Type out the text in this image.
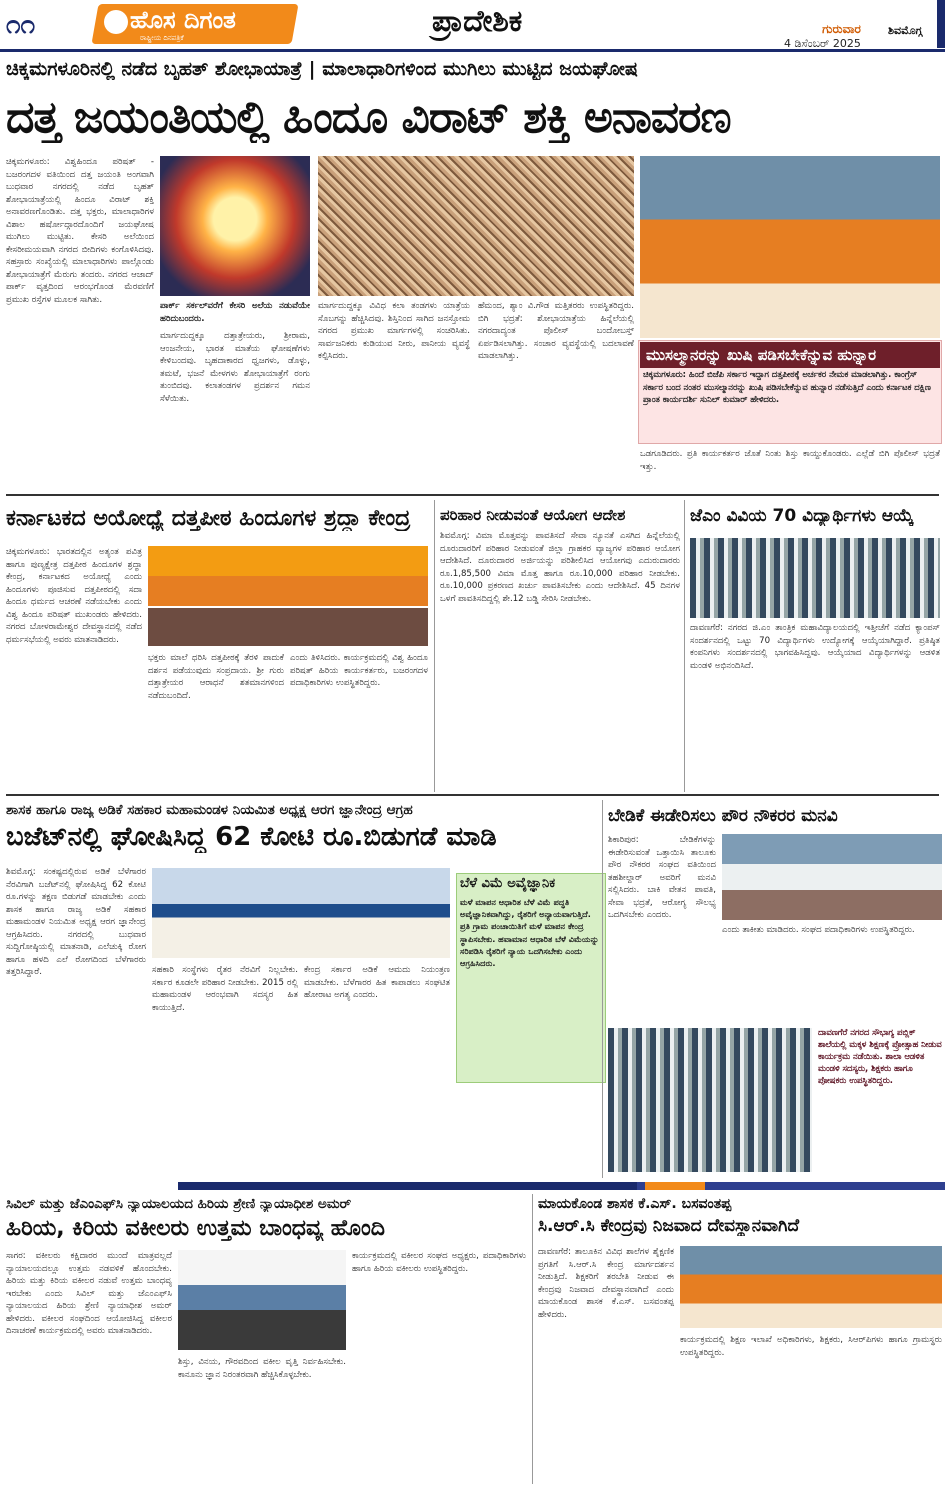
೧೧	ಹೊಸ ದಿಗಂತ
ರಾಷ್ಟ್ರೀಯ ದಿನಪತ್ರಿಕೆ	ಪ್ರಾದೇಶಿಕ	ಗುರುವಾರ
4 ಡಿಸೆಂಬರ್ 2025
ಶಿವಮೊಗ್ಗ
ಚಿಕ್ಕಮಗಳೂರಿನಲ್ಲಿ ನಡೆದ ಬೃಹತ್ ಶೋಭಾಯಾತ್ರೆ | ಮಾಲಾಧಾರಿಗಳಿಂದ ಮುಗಿಲು ಮುಟ್ಟಿದ ಜಯಘೋಷ
ದತ್ತ ಜಯಂತಿಯಲ್ಲಿ ಹಿಂದೂ ವಿರಾಟ್ ಶಕ್ತಿ ಅನಾವರಣ
ಚಿಕ್ಕಮಗಳೂರು: ವಿಶ್ವಹಿಂದೂ ಪರಿಷತ್ - ಬಜರಂಗದಳ ವತಿಯಿಂದ ದತ್ತ ಜಯಂತಿ ಅಂಗವಾಗಿ ಬುಧವಾರ ನಗರದಲ್ಲಿ ನಡೆದ ಬೃಹತ್ ಶೋಭಾಯಾತ್ರೆಯಲ್ಲಿ ಹಿಂದೂ ವಿರಾಟ್ ಶಕ್ತಿ ಅನಾವರಣಗೊಂಡಿತು. ದತ್ತ ಭಕ್ತರು, ಮಾಲಾಧಾರಿಗಳ ವಿಶಾಲ ಹರ್ಷೋದ್ಗಾರದೊಂದಿಗೆ ಜಯಘೋಷ ಮುಗಿಲು ಮುಟ್ಟಿತು. ಕೇಸರಿ ಅಲೆಯಿಂದ ಕೇಸರೀಮಯವಾಗಿ ನಗರದ ಬೀದಿಗಳು ಕಂಗೊಳಿಸಿದವು. ಸಹಸ್ರಾರು ಸಂಖ್ಯೆಯಲ್ಲಿ ಮಾಲಾಧಾರಿಗಳು ಪಾಲ್ಗೊಂಡು ಶೋಭಾಯಾತ್ರೆಗೆ ಮೆರುಗು ತಂದರು. ನಗರದ ಆಜಾದ್ ಪಾರ್ಕ್ ವೃತ್ತದಿಂದ ಆರಂಭಗೊಂಡ ಮೆರವಣಿಗೆ ಪ್ರಮುಖ ರಸ್ತೆಗಳ ಮೂಲಕ ಸಾಗಿತು.
ಪಾರ್ಕ್ ಸರ್ಕಲ್‌ವರೆಗೆ ಕೇಸರಿ ಅಲೆಯ ನಡುವೆಯೇ ಹರಿದುಬಂದರು.
ಮಾರ್ಗದುದ್ದಕ್ಕೂ ದತ್ತಾತ್ರೇಯರು, ಶ್ರೀರಾಮ, ಆಂಜನೇಯ, ಭಾರತ ಮಾತೆಯ ಘೋಷಣೆಗಳು ಕೇಳಿಬಂದವು. ಬೃಹದಾಕಾರದ ಧ್ವಜಗಳು, ಡೊಳ್ಳು, ತಮಟೆ, ಭಜನೆ ಮೇಳಗಳು ಶೋಭಾಯಾತ್ರೆಗೆ ರಂಗು ತುಂಬಿದವು. ಕಲಾತಂಡಗಳ ಪ್ರದರ್ಶನ ಗಮನ ಸೆಳೆಯಿತು.
ಮಾರ್ಗದುದ್ದಕ್ಕೂ ವಿವಿಧ ಕಲಾ ತಂಡಗಳು ಯಾತ್ರೆಯ ಸೊಬಗನ್ನು ಹೆಚ್ಚಿಸಿದವು. ಶಿಸ್ತಿನಿಂದ ಸಾಗಿದ ಜನಸ್ತೋಮ ನಗರದ ಪ್ರಮುಖ ಮಾರ್ಗಗಳಲ್ಲಿ ಸಂಚರಿಸಿತು. ಸಾರ್ವಜನಿಕರು ಕುಡಿಯುವ ನೀರು, ಪಾನೀಯ ವ್ಯವಸ್ಥೆ ಕಲ್ಪಿಸಿದರು.
ಹೆಮಂದ, ಶ್ಯಾಂ ವಿ.ಗೌಡ ಮತ್ತಿತರರು ಉಪಸ್ಥಿತರಿದ್ದರು. ಬಿಗಿ ಭದ್ರತೆ: ಶೋಭಾಯಾತ್ರೆಯ ಹಿನ್ನೆಲೆಯಲ್ಲಿ ನಗರದಾದ್ಯಂತ ಪೊಲೀಸ್ ಬಂದೋಬಸ್ತ್ ಏರ್ಪಡಿಸಲಾಗಿತ್ತು. ಸಂಚಾರ ವ್ಯವಸ್ಥೆಯಲ್ಲಿ ಬದಲಾವಣೆ ಮಾಡಲಾಗಿತ್ತು.	ಮುಸಲ್ಮಾನರನ್ನು ಖುಷಿ ಪಡಿಸಬೇಕೆನ್ನುವ ಹುನ್ನಾರ
ಚಿಕ್ಕಮಗಳೂರು: ಹಿಂದೆ ಬಿಜೆಪಿ ಸರ್ಕಾರ ಇದ್ದಾಗ ದತ್ತಪೀಠಕ್ಕೆ ಅರ್ಚಕರ ನೇಮಕ ಮಾಡಲಾಗಿತ್ತು. ಕಾಂಗ್ರೆಸ್ ಸರ್ಕಾರ ಬಂದ ನಂತರ ಮುಸಲ್ಮಾನರನ್ನು ಖುಷಿ ಪಡಿಸಬೇಕೆನ್ನುವ ಹುನ್ನಾರ ನಡೆಸುತ್ತಿದೆ ಎಂದು ಕರ್ನಾಟಕ ದಕ್ಷಿಣ ಪ್ರಾಂತ ಕಾರ್ಯದರ್ಶಿ ಸುನಿಲ್ ಕುಮಾರ್ ಹೇಳಿದರು.
ಒಡಗೂಡಿದರು. ಪ್ರತಿ ಕಾರ್ಯಕರ್ತರ ಜೊತೆ ನಿಂತು ಶಿಸ್ತು ಕಾಯ್ದುಕೊಂಡರು. ಎಲ್ಲೆಡೆ ಬಿಗಿ ಪೊಲೀಸ್ ಭದ್ರತೆ ಇತ್ತು.
ಕರ್ನಾಟಕದ ಅಯೋಧ್ಯೆ ದತ್ತಪೀಠ ಹಿಂದೂಗಳ ಶ್ರದ್ಧಾ ಕೇಂದ್ರ
ಚಿಕ್ಕಮಗಳೂರು: ಭಾರತದಲ್ಲಿನ ಅತ್ಯಂತ ಪವಿತ್ರ ಹಾಗೂ ಪುಣ್ಯಕ್ಷೇತ್ರ ದತ್ತಪೀಠ ಹಿಂದೂಗಳ ಶ್ರದ್ಧಾ ಕೇಂದ್ರ, ಕರ್ನಾಟಕದ ಅಯೋಧ್ಯೆ ಎಂದು ಹಿಂದೂಗಳು ಪೂಜಿಸುವ ದತ್ತಪೀಠದಲ್ಲಿ ಸದಾ ಹಿಂದೂ ಧರ್ಮದ ಆಚರಣೆ ನಡೆಯಬೇಕು ಎಂದು ವಿಶ್ವ ಹಿಂದೂ ಪರಿಷತ್ ಮುಖಂಡರು ಹೇಳಿದರು. ನಗರದ ಬೋಳರಾಮೇಶ್ವರ ದೇವಸ್ಥಾನದಲ್ಲಿ ನಡೆದ ಧರ್ಮಸಭೆಯಲ್ಲಿ ಅವರು ಮಾತನಾಡಿದರು.
ಭಕ್ತರು ಮಾಲೆ ಧರಿಸಿ ದತ್ತಪೀಠಕ್ಕೆ ತೆರಳಿ ಪಾದುಕೆ ದರ್ಶನ ಪಡೆಯುವುದು ಸಂಪ್ರದಾಯ. ಶ್ರೀ ಗುರು ದತ್ತಾತ್ರೇಯರ ಆರಾಧನೆ ಶತಮಾನಗಳಿಂದ ನಡೆದುಬಂದಿದೆ.
ಎಂದು ತಿಳಿಸಿದರು. ಕಾರ್ಯಕ್ರಮದಲ್ಲಿ ವಿಶ್ವ ಹಿಂದೂ ಪರಿಷತ್ ಹಿರಿಯ ಕಾರ್ಯಕರ್ತರು, ಬಜರಂಗದಳ ಪದಾಧಿಕಾರಿಗಳು ಉಪಸ್ಥಿತರಿದ್ದರು.
ಪರಿಹಾರ ನೀಡುವಂತೆ ಆಯೋಗ ಆದೇಶ
ಶಿವಮೊಗ್ಗ: ವಿಮಾ ಮೊತ್ತವನ್ನು ಪಾವತಿಸದೆ ಸೇವಾ ನ್ಯೂನತೆ ಎಸಗಿದ ಹಿನ್ನೆಲೆಯಲ್ಲಿ ದೂರುದಾರರಿಗೆ ಪರಿಹಾರ ನೀಡುವಂತೆ ಜಿಲ್ಲಾ ಗ್ರಾಹಕರ ವ್ಯಾಜ್ಯಗಳ ಪರಿಹಾರ ಆಯೋಗ ಆದೇಶಿಸಿದೆ. ದೂರುದಾರರ ಅರ್ಜಿಯನ್ನು ಪರಿಶೀಲಿಸಿದ ಆಯೋಗವು ಎದುರುದಾರರು ರೂ.1,85,500 ವಿಮಾ ಮೊತ್ತ ಹಾಗೂ ರೂ.10,000 ಪರಿಹಾರ ನೀಡಬೇಕು. ರೂ.10,000 ಪ್ರಕರಣದ ಖರ್ಚು ಪಾವತಿಸಬೇಕು ಎಂದು ಆದೇಶಿಸಿದೆ. 45 ದಿನಗಳ ಒಳಗೆ ಪಾವತಿಸದಿದ್ದಲ್ಲಿ ಶೇ.12 ಬಡ್ಡಿ ಸೇರಿಸಿ ನೀಡಬೇಕು.
ಜೆಎಂ ವಿವಿಯ 70 ವಿದ್ಯಾರ್ಥಿಗಳು ಆಯ್ಕೆ
ದಾವಣಗೆರೆ: ನಗರದ ಜಿ.ಎಂ ತಾಂತ್ರಿಕ ಮಹಾವಿದ್ಯಾಲಯದಲ್ಲಿ ಇತ್ತೀಚೆಗೆ ನಡೆದ ಕ್ಯಾಂಪಸ್ ಸಂದರ್ಶನದಲ್ಲಿ ಒಟ್ಟು 70 ವಿದ್ಯಾರ್ಥಿಗಳು ಉದ್ಯೋಗಕ್ಕೆ ಆಯ್ಕೆಯಾಗಿದ್ದಾರೆ. ಪ್ರತಿಷ್ಠಿತ ಕಂಪನಿಗಳು ಸಂದರ್ಶನದಲ್ಲಿ ಭಾಗವಹಿಸಿದ್ದವು. ಆಯ್ಕೆಯಾದ ವಿದ್ಯಾರ್ಥಿಗಳನ್ನು ಆಡಳಿತ ಮಂಡಳಿ ಅಭಿನಂದಿಸಿದೆ.
ಶಾಸಕ ಹಾಗೂ ರಾಜ್ಯ ಅಡಿಕೆ ಸಹಕಾರ ಮಹಾಮಂಡಳ ನಿಯಮಿತ ಅಧ್ಯಕ್ಷ ಆರಗ ಜ್ಞಾನೇಂದ್ರ ಆಗ್ರಹ
ಬಜೆಟ್‌ನಲ್ಲಿ ಘೋಷಿಸಿದ್ದ 62 ಕೋಟಿ ರೂ.ಬಿಡುಗಡೆ ಮಾಡಿ
ಶಿವಮೊಗ್ಗ: ಸಂಕಷ್ಟದಲ್ಲಿರುವ ಅಡಿಕೆ ಬೆಳೆಗಾರರ ನೆರವಿಗಾಗಿ ಬಜೆಟ್‌ನಲ್ಲಿ ಘೋಷಿಸಿದ್ದ 62 ಕೋಟಿ ರೂ.ಗಳನ್ನು ತಕ್ಷಣ ಬಿಡುಗಡೆ ಮಾಡಬೇಕು ಎಂದು ಶಾಸಕ ಹಾಗೂ ರಾಜ್ಯ ಅಡಿಕೆ ಸಹಕಾರ ಮಹಾಮಂಡಳ ನಿಯಮಿತ ಅಧ್ಯಕ್ಷ ಆರಗ ಜ್ಞಾನೇಂದ್ರ ಆಗ್ರಹಿಸಿದರು. ನಗರದಲ್ಲಿ ಬುಧವಾರ ಸುದ್ದಿಗೋಷ್ಠಿಯಲ್ಲಿ ಮಾತನಾಡಿ, ಎಲೆಚುಕ್ಕಿ ರೋಗ ಹಾಗೂ ಹಳದಿ ಎಲೆ ರೋಗದಿಂದ ಬೆಳೆಗಾರರು ತತ್ತರಿಸಿದ್ದಾರೆ.	ಸಹಕಾರಿ ಸಂಸ್ಥೆಗಳು ರೈತರ ನೆರವಿಗೆ ನಿಲ್ಲಬೇಕು. ಸರ್ಕಾರ ಕೂಡಲೇ ಪರಿಹಾರ ನೀಡಬೇಕು. 2015 ರಲ್ಲಿ ಮಹಾಮಂಡಳ ಆರಂಭವಾಗಿ ಸದಸ್ಯರ ಹಿತ ಕಾಯುತ್ತಿದೆ.
ಕೇಂದ್ರ ಸರ್ಕಾರ ಅಡಿಕೆ ಆಮದು ನಿಯಂತ್ರಣ ಮಾಡಬೇಕು. ಬೆಳೆಗಾರರ ಹಿತ ಕಾಪಾಡಲು ಸಂಘಟಿತ ಹೋರಾಟ ಅಗತ್ಯ ಎಂದರು.
ಬೆಳೆ ವಿಮೆ ಅವೈಜ್ಞಾನಿಕ
ಮಳೆ ಮಾಪನ ಆಧಾರಿತ ಬೆಳೆ ವಿಮೆ ಪದ್ಧತಿ ಅವೈಜ್ಞಾನಿಕವಾಗಿದ್ದು, ರೈತರಿಗೆ ಅನ್ಯಾಯವಾಗುತ್ತಿದೆ. ಪ್ರತಿ ಗ್ರಾಮ ಪಂಚಾಯಿತಿಗೆ ಮಳೆ ಮಾಪನ ಕೇಂದ್ರ ಸ್ಥಾಪಿಸಬೇಕು. ಹವಾಮಾನ ಆಧಾರಿತ ಬೆಳೆ ವಿಮೆಯನ್ನು ಸರಿಪಡಿಸಿ ರೈತರಿಗೆ ನ್ಯಾಯ ಒದಗಿಸಬೇಕು ಎಂದು ಆಗ್ರಹಿಸಿದರು.
ಬೇಡಿಕೆ ಈಡೇರಿಸಲು ಪೌರ ನೌಕರರ ಮನವಿ
ಶಿಕಾರಿಪುರ: ಬೇಡಿಕೆಗಳನ್ನು ಈಡೇರಿಸುವಂತೆ ಒತ್ತಾಯಿಸಿ ತಾಲೂಕು ಪೌರ ನೌಕರರ ಸಂಘದ ವತಿಯಿಂದ ತಹಶೀಲ್ದಾರ್ ಅವರಿಗೆ ಮನವಿ ಸಲ್ಲಿಸಿದರು. ಬಾಕಿ ವೇತನ ಪಾವತಿ, ಸೇವಾ ಭದ್ರತೆ, ಆರೋಗ್ಯ ಸೌಲಭ್ಯ ಒದಗಿಸಬೇಕು ಎಂದರು.
ಎಂದು ತಾಕೀತು ಮಾಡಿದರು. ಸಂಘದ ಪದಾಧಿಕಾರಿಗಳು ಉಪಸ್ಥಿತರಿದ್ದರು.
ದಾವಣಗೆರೆ ನಗರದ ಸೌಭಾಗ್ಯ ಪಬ್ಲಿಕ್ ಶಾಲೆಯಲ್ಲಿ ಮಕ್ಕಳ ಶಿಕ್ಷಣಕ್ಕೆ ಪ್ರೋತ್ಸಾಹ ನೀಡುವ ಕಾರ್ಯಕ್ರಮ ನಡೆಯಿತು. ಶಾಲಾ ಆಡಳಿತ ಮಂಡಳಿ ಸದಸ್ಯರು, ಶಿಕ್ಷಕರು ಹಾಗೂ ಪೋಷಕರು ಉಪಸ್ಥಿತರಿದ್ದರು.
ಸಿವಿಲ್ ಮತ್ತು ಜೆಎಂಎಫ್‌ಸಿ ನ್ಯಾಯಾಲಯದ ಹಿರಿಯ ಶ್ರೇಣಿ ನ್ಯಾಯಾಧೀಶ ಅಮರ್
ಹಿರಿಯ, ಕಿರಿಯ ವಕೀಲರು ಉತ್ತಮ ಬಾಂಧವ್ಯ ಹೊಂದಿ
ಸಾಗರ: ವಕೀಲರು ಕಕ್ಷಿದಾರರ ಮುಂದೆ ಮಾತ್ರವಲ್ಲದೆ ನ್ಯಾಯಾಲಯದಲ್ಲೂ ಉತ್ತಮ ನಡವಳಿಕೆ ಹೊಂದಬೇಕು. ಹಿರಿಯ ಮತ್ತು ಕಿರಿಯ ವಕೀಲರ ನಡುವೆ ಉತ್ತಮ ಬಾಂಧವ್ಯ ಇರಬೇಕು ಎಂದು ಸಿವಿಲ್ ಮತ್ತು ಜೆಎಂಎಫ್‌ಸಿ ನ್ಯಾಯಾಲಯದ ಹಿರಿಯ ಶ್ರೇಣಿ ನ್ಯಾಯಾಧೀಶ ಅಮರ್ ಹೇಳಿದರು. ವಕೀಲರ ಸಂಘದಿಂದ ಆಯೋಜಿಸಿದ್ದ ವಕೀಲರ ದಿನಾಚರಣೆ ಕಾರ್ಯಕ್ರಮದಲ್ಲಿ ಅವರು ಮಾತನಾಡಿದರು.
ಶಿಸ್ತು, ವಿನಯ, ಗೌರವದಿಂದ ವಕೀಲ ವೃತ್ತಿ ನಿರ್ವಹಿಸಬೇಕು. ಕಾನೂನು ಜ್ಞಾನ ನಿರಂತರವಾಗಿ ಹೆಚ್ಚಿಸಿಕೊಳ್ಳಬೇಕು.
ಕಾರ್ಯಕ್ರಮದಲ್ಲಿ ವಕೀಲರ ಸಂಘದ ಅಧ್ಯಕ್ಷರು, ಪದಾಧಿಕಾರಿಗಳು ಹಾಗೂ ಹಿರಿಯ ವಕೀಲರು ಉಪಸ್ಥಿತರಿದ್ದರು.
ಮಾಯಕೊಂಡ ಶಾಸಕ ಕೆ.ಎಸ್. ಬಸವಂತಪ್ಪ
ಸಿ.ಆರ್.ಸಿ ಕೇಂದ್ರವು ನಿಜವಾದ ದೇವಸ್ಥಾನವಾಗಿದೆ
ದಾವಣಗೆರೆ: ತಾಲೂಕಿನ ವಿವಿಧ ಶಾಲೆಗಳ ಶೈಕ್ಷಣಿಕ ಪ್ರಗತಿಗೆ ಸಿ.ಆರ್.ಸಿ ಕೇಂದ್ರ ಮಾರ್ಗದರ್ಶನ ನೀಡುತ್ತಿದೆ. ಶಿಕ್ಷಕರಿಗೆ ತರಬೇತಿ ನೀಡುವ ಈ ಕೇಂದ್ರವು ನಿಜವಾದ ದೇವಸ್ಥಾನವಾಗಿದೆ ಎಂದು ಮಾಯಕೊಂಡ ಶಾಸಕ ಕೆ.ಎಸ್. ಬಸವಂತಪ್ಪ ಹೇಳಿದರು.
ಕಾರ್ಯಕ್ರಮದಲ್ಲಿ ಶಿಕ್ಷಣ ಇಲಾಖೆ ಅಧಿಕಾರಿಗಳು, ಶಿಕ್ಷಕರು, ಸಿಆರ್‌ಪಿಗಳು ಹಾಗೂ ಗ್ರಾಮಸ್ಥರು ಉಪಸ್ಥಿತರಿದ್ದರು.
